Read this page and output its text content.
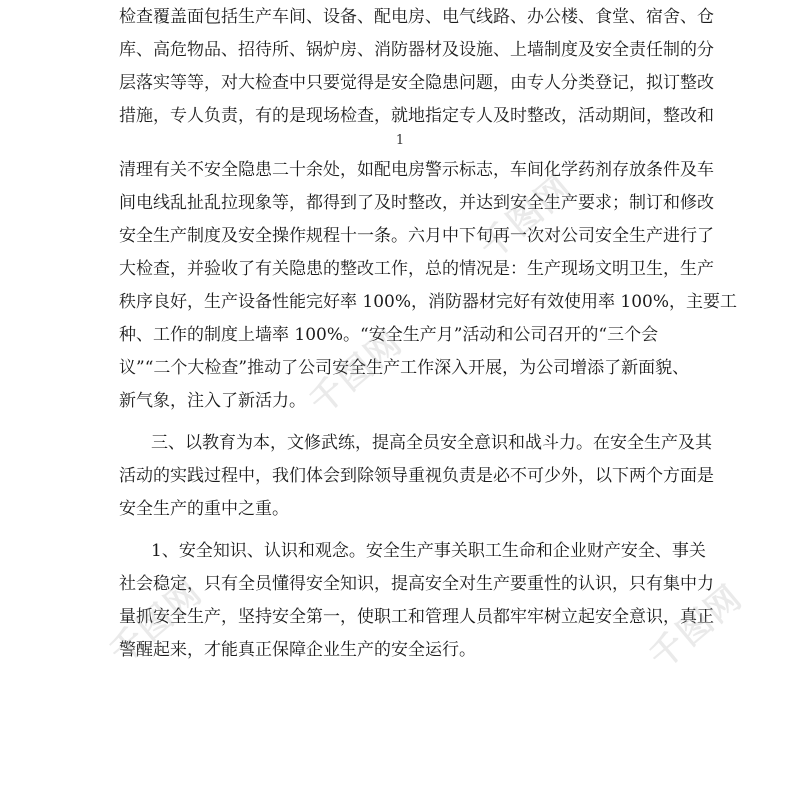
检查覆盖面包括生产车间、设备、配电房、电气线路、办公楼、食堂、宿舍、仓
库、高危物品、招待所、锅炉房、消防器材及设施、上墙制度及安全责任制的分
层落实等等，对大检查中只要觉得是安全隐患问题，由专人分类登记，拟订整改
措施，专人负责，有的是现场检查，就地指定专人及时整改，活动期间，整改和
1
清理有关不安全隐患二十余处，如配电房警示标志，车间化学药剂存放条件及车
间电线乱扯乱拉现象等，都得到了及时整改，并达到安全生产要求；制订和修改
安全生产制度及安全操作规程十一条。六月中下旬再一次对公司安全生产进行了
大检查，并验收了有关隐患的整改工作，总的情况是：生产现场文明卫生，生产
秩序良好，生产设备性能完好率 100%，消防器材完好有效使用率 100%，主要工
种、工作的制度上墙率 100%。“安全生产月”活动和公司召开的“三个会
议”“二个大检查”推动了公司安全生产工作深入开展，为公司增添了新面貌、
新气象，注入了新活力。
三、以教育为本，文修武练，提高全员安全意识和战斗力。在安全生产及其
活动的实践过程中，我们体会到除领导重视负责是必不可少外，以下两个方面是
安全生产的重中之重。
1、安全知识、认识和观念。安全生产事关职工生命和企业财产安全、事关
社会稳定，只有全员懂得安全知识，提高安全对生产要重性的认识，只有集中力
量抓安全生产，坚持安全第一，使职工和管理人员都牢牢树立起安全意识，真正
警醒起来，才能真正保障企业生产的安全运行。
千图网
千图网
千图网	千图网
